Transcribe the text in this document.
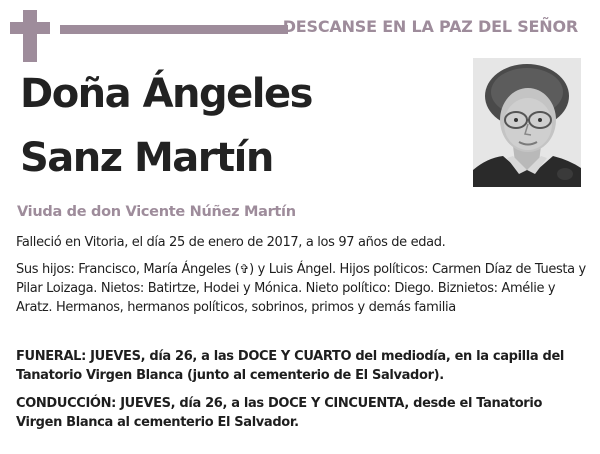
DESCANSE EN LA PAZ DEL SEÑOR
Doña Ángeles
Sanz Martín
Viuda de don Vicente Núñez Martín
Falleció en Vitoria, el día 25 de enero de 2017, a los 97 años de edad.
Sus hijos: Francisco, María Ángeles (✞) y Luis Ángel. Hijos políticos: Carmen Díaz de Tuesta y Pilar Loizaga. Nietos: Batirtze, Hodei y Mónica. Nieto político: Diego. Biznietos: Amélie y Aratz. Hermanos, hermanos políticos, sobrinos, primos y demás familia
FUNERAL: JUEVES, día 26, a las DOCE Y CUARTO del mediodía, en la capilla del Tanatorio Virgen Blanca (junto al cementerio de El Salvador).
CONDUCCIÓN: JUEVES, día 26, a las DOCE Y CINCUENTA, desde el Tanatorio Virgen Blanca al cementerio El Salvador.
